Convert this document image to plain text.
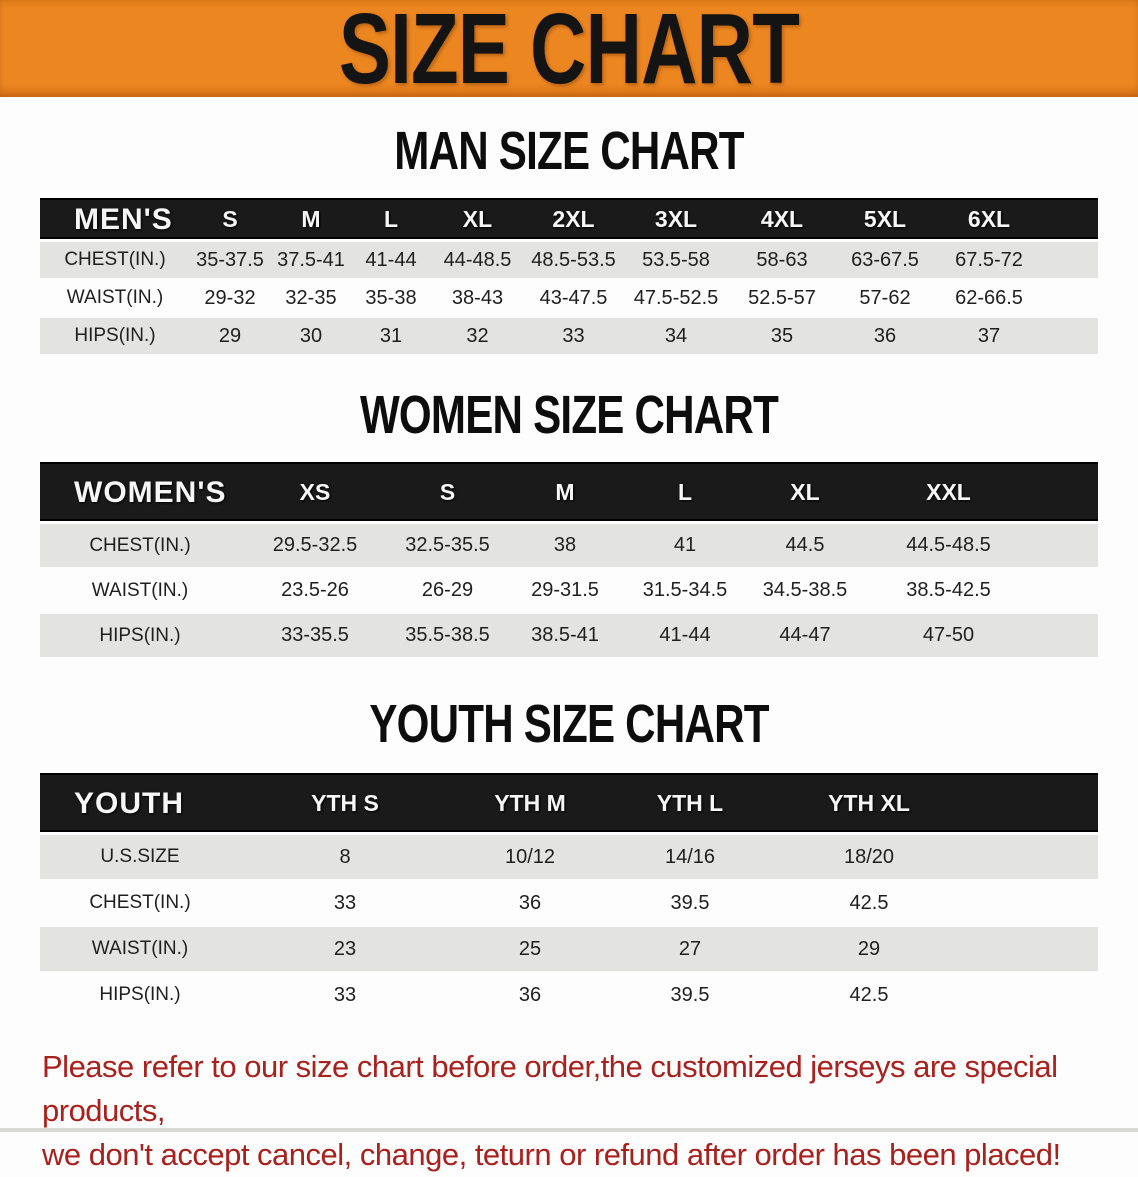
SIZE CHART
MAN SIZE CHART
MEN'S	S	M	L	XL	2XL	3XL	4XL	5XL	6XL
CHEST(IN.)	35-37.5	37.5-41	41-44	44-48.5	48.5-53.5	53.5-58	58-63	63-67.5	67.5-72
WAIST(IN.)	29-32	32-35	35-38	38-43	43-47.5	47.5-52.5	52.5-57	57-62	62-66.5
HIPS(IN.)	29	30	31	32	33	34	35	36	37
WOMEN SIZE CHART
WOMEN'S	XS	S	M	L	XL	XXL
CHEST(IN.)	29.5-32.5	32.5-35.5	38	41	44.5	44.5-48.5
WAIST(IN.)	23.5-26	26-29	29-31.5	31.5-34.5	34.5-38.5	38.5-42.5
HIPS(IN.)	33-35.5	35.5-38.5	38.5-41	41-44	44-47	47-50
YOUTH SIZE CHART
YOUTH	YTH S	YTH M	YTH L	YTH XL
U.S.SIZE	8	10/12	14/16	18/20
CHEST(IN.)	33	36	39.5	42.5
WAIST(IN.)	23	25	27	29
HIPS(IN.)	33	36	39.5	42.5

Please refer to our size chart before order,the customized jerseys are special products,

we don't accept cancel, change, teturn or refund after order has been placed!
